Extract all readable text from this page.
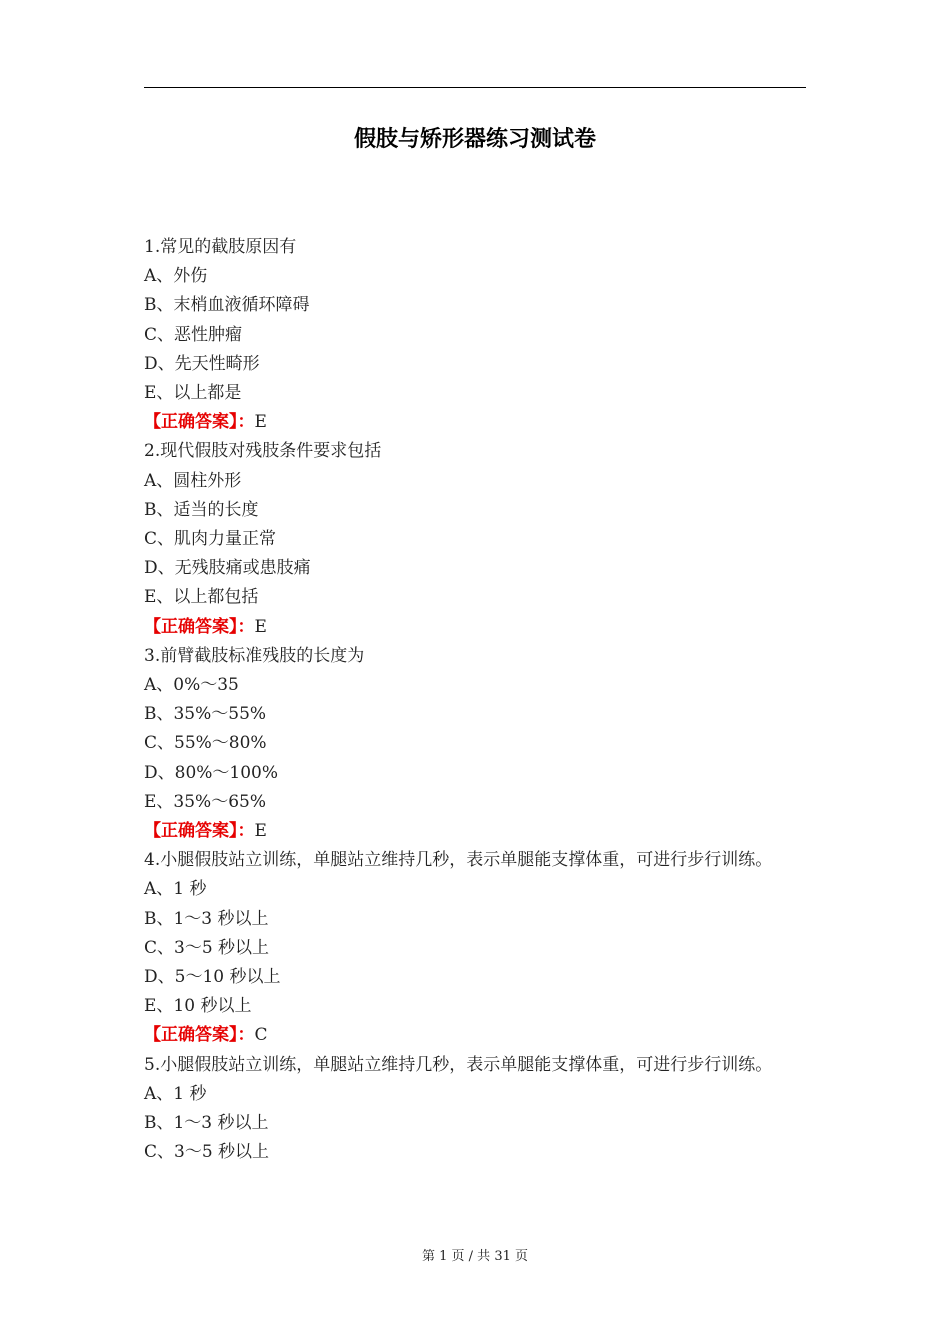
假肢与矫形器练习测试卷
1.常见的截肢原因有
A、外伤
B、末梢血液循环障碍
C、恶性肿瘤
D、先天性畸形
E、以上都是
【正确答案】：E
2.现代假肢对残肢条件要求包括
A、圆柱外形
B、适当的长度
C、肌肉力量正常
D、无残肢痛或患肢痛
E、以上都包括
【正确答案】：E
3.前臂截肢标准残肢的长度为
A、0%～35
B、35%～55%
C、55%～80%
D、80%～100%
E、35%～65%
【正确答案】：E
4.小腿假肢站立训练，单腿站立维持几秒，表示单腿能支撑体重，可进行步行训练。
A、1 秒
B、1～3 秒以上
C、3～5 秒以上
D、5～10 秒以上
E、10 秒以上
【正确答案】：C
5.小腿假肢站立训练，单腿站立维持几秒，表示单腿能支撑体重，可进行步行训练。
A、1 秒
B、1～3 秒以上
C、3～5 秒以上
第 1 页 / 共 31 页
